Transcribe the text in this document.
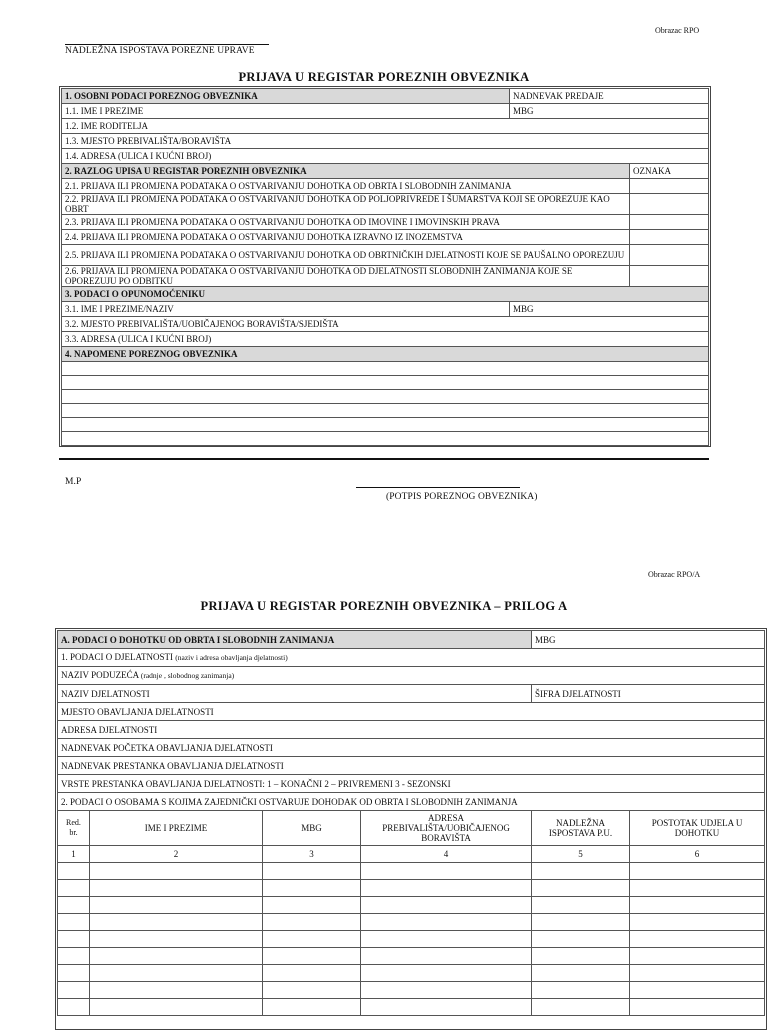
Obrazac RPO
NADLEŽNA ISPOSTAVA POREZNE UPRAVE
PRIJAVA U REGISTAR POREZNIH OBVEZNIKA
1. OSOBNI PODACI POREZNOG OBVEZNIKA	NADNEVAK PREDAJE	
1.1. IME I PREZIME	MBG	
1.2. IME RODITELJA		
1.3. MJESTO PREBIVALIŠTA/BORAVIŠTA		
1.4. ADRESA (ULICA I KUĆNI BROJ)		
2. RAZLOG UPISA U REGISTAR POREZNIH OBVEZNIKA		OZNAKA
2.1. PRIJAVA ILI PROMJENA PODATAKA O OSTVARIVANJU DOHOTKA OD OBRTA I SLOBODNIH ZANIMANJA		
2.2. PRIJAVA ILI PROMJENA PODATAKA O OSTVARIVANJU DOHOTKA OD POLJOPRIVREDE I ŠUMARSTVA KOJI SE OPOREZUJE KAO OBRT		
2.3. PRIJAVA ILI PROMJENA PODATAKA O OSTVARIVANJU DOHOTKA OD IMOVINE I IMOVINSKIH PRAVA		
2.4. PRIJAVA ILI PROMJENA PODATAKA O OSTVARIVANJU DOHOTKA IZRAVNO IZ INOZEMSTVA		
2.5. PRIJAVA ILI PROMJENA PODATAKA O OSTVARIVANJU DOHOTKA OD OBRTNIČKIH DJELATNOSTI KOJE SE PAUŠALNO OPOREZUJU		
2.6. PRIJAVA ILI PROMJENA PODATAKA O OSTVARIVANJU DOHOTKA OD DJELATNOSTI SLOBODNIH ZANIMANJA KOJE SE OPOREZUJU PO ODBITKU		
3. PODACI O OPUNOMOĆENIKU		
3.1. IME I PREZIME/NAZIV	MBG	
3.2. MJESTO PREBIVALIŠTA/UOBIČAJENOG BORAVIŠTA/SJEDIŠTA		
3.3. ADRESA (ULICA I KUĆNI BROJ)		
4. NAPOMENE POREZNOG OBVEZNIKA		

M.P
(POTPIS POREZNOG OBVEZNIKA)
Obrazac RPO/A
PRIJAVA U REGISTAR POREZNIH OBVEZNIKA – PRILOG A
A. PODACI O DOHOTKU OD OBRTA I SLOBODNIH ZANIMANJA				MBG	
1. PODACI O DJELATNOSTI (naziv i adresa obavljanja djelatnosti)					
NAZIV PODUZEĆA (radnje , slobodnog zanimanja)					
NAZIV DJELATNOSTI				ŠIFRA DJELATNOSTI	
MJESTO OBAVLJANJA DJELATNOSTI					
ADRESA DJELATNOSTI					
NADNEVAK POČETKA OBAVLJANJA DJELATNOSTI					
NADNEVAK PRESTANKA OBAVLJANJA DJELATNOSTI					
VRSTE PRESTANKA OBAVLJANJA DJELATNOSTI: 1 – KONAČNI 2 – PRIVREMENI 3 - SEZONSKI					
2. PODACI O OSOBAMA S KOJIMA ZAJEDNIČKI OSTVARUJE DOHODAK OD OBRTA I SLOBODNIH ZANIMANJA					
Red. br.	IME I PREZIME	MBG	ADRESA PREBIVALIŠTA/UOBIČAJENOG BORAVIŠTA	NADLEŽNA ISPOSTAVA P.U.	POSTOTAK UDJELA U DOHOTKU
1	2	3	4	5	6
